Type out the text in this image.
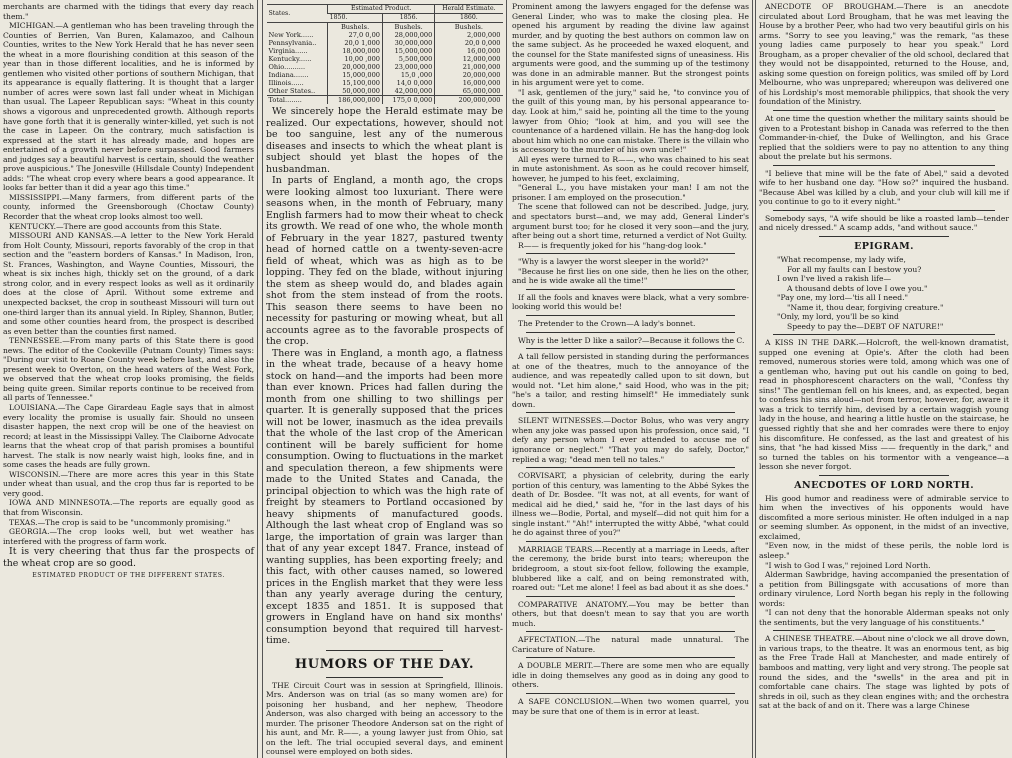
merchants are charmed with the tidings that every day reach them."

MICHIGAN.—A gentleman who has been traveling through the Counties of Berrien, Van Buren, Kalamazoo, and Calhoun Counties, writes to the New York Herald that he has never seen the wheat in a more flourishing condition at this season of the year than in those different localities, and he is informed by gentlemen who visited other portions of southern Michigan, that its appearance is equally flattering. It is thought that a larger number of acres were sown last fall under wheat in Michigan than usual. The Lapeer Republican says: "Wheat in this county shows a vigorous and unprecedented growth. Although reports have gone forth that it is generally winter-killed, yet such is not the case in Lapeer. On the contrary, much satisfaction is expressed at the start it has already made, and hopes are entertained of a growth never before surpassed. Good farmers and judges say a beautiful harvest is certain, should the weather prove auspicious." The Jonesville (Hillsdale County) Independent adds: "The wheat crop every where bears a good appearance. It looks far better than it did a year ago this time."

MISSISSIPPI.—Many farmers, from different parts of the county, informed the Greensborough (Choctaw County) Recorder that the wheat crop looks almost too well.

KENTUCKY.—There are good accounts from this State.

MISSOURI AND KANSAS.—A letter to the New York Herald from Holt County, Missouri, reports favorably of the crop in that section and the "eastern borders of Kansas." In Madison, Iron, St. Frances, Washington, and Wayne Counties, Missouri, the wheat is six inches high, thickly set on the ground, of a dark strong color, and in every respect looks as well as it ordinarily does at the close of April. Without some extreme and unexpected backset, the crop in southeast Missouri will turn out one-third larger than its annual yield. In Ripley, Shannon, Butler, and some other counties heard from, the prospect is described as even better than the counties first named.

TENNESSEE.—From many parts of this State there is good news. The editor of the Cookeville (Putnam County) Times says: "During our visit to Roane County week before last, and also the present week to Overton, on the head waters of the West Fork, we observed that the wheat crop looks promising, the fields being quite green. Similar reports continue to be received from all parts of Tennessee."

LOUISIANA.—The Cape Girardeau Eagle says that in almost every locality the promise is usually fair. Should no unseen disaster happen, the next crop will be one of the heaviest on record; at least in the Mississippi Valley. The Claiborne Advocate learns that the wheat crop of that parish promises a bountiful harvest. The stalk is now nearly waist high, looks fine, and in some cases the heads are fully grown.

WISCONSIN.—There are more acres this year in this State under wheat than usual, and the crop thus far is reported to be very good.

IOWA AND MINNESOTA.—The reports are equally good as that from Wisconsin.

TEXAS.—The crop is said to be "uncommonly promising."

GEORGIA.—The crop looks well, but wet weather has interfered with the progress of farm work.

It is very cheering that thus far the prospects of the wheat crop are so good.

ESTIMATED PRODUCT OF THE DIFFERENT STATES.
States.	Estimated Product.		Herald Estimate.
	1850.	1856.	1860.
	Bushels.	Bushels.	Bushels.
New York......	27,0 0,00	28,000,000	2,000,000
Pennsylvania..	20,0 1,000	30,000,000	20,0 0,000
Virginia......	18,000,000	15,000,000	16,00,000
Kentucky......	10,00 ,000	5,500,000	12,000,000
Ohio..........	20,000,000	23,000,000	21,000,000
Indiana.......	15,000,000	15,0 ,000	20,000,000
Illinois......	15,100,000	14,0 0,000	16,000,000
Other States..	50,000,000	42,000,000	65,000,000
Total........	186,000,000	175,0 0,000	200,000,000

We sincerely hope the Herald estimate may be realized. Our expectations, however, should not be too sanguine, lest any of the numerous diseases and insects to which the wheat plant is subject should yet blast the hopes of the husbandman.

In parts of England, a month ago, the crops were looking almost too luxuriant. There were seasons when, in the month of February, many English farmers had to mow their wheat to check its growth. We read of one who, the whole month of February in the year 1827, pastured twenty head of horned cattle on a twenty-seven-acre field of wheat, which was as high as to be lopping. They fed on the blade, without injuring the stem as sheep would do, and blades again shot from the stem instead of from the roots. This season there seems to have been no necessity for pasturing or mowing wheat, but all accounts agree as to the favorable prospects of the crop.

There was in England, a month ago, a flatness in the wheat trade, because of a heavy home stock on hand—and the imports had been more than ever known. Prices had fallen during the month from one shilling to two shillings per quarter. It is generally supposed that the prices will not be lower, inasmuch as the idea prevails that the whole of the last crop of the American continent will be barely sufficient for home consumption. Owing to fluctuations in the market and speculation thereon, a few shipments were made to the United States and Canada, the principal objection to which was the high rate of freight by steamers to Portland occasioned by heavy shipments of manufactured goods. Although the last wheat crop of England was so large, the importation of grain was larger than that of any year except 1847. France, instead of wanting supplies, has been exporting freely; and this fact, with other causes named, so lowered prices in the English market that they were less than any yearly average during the century, except 1835 and 1851. It is supposed that growers in England have on hand six months' consumption beyond that required till harvest-time.

HUMORS OF THE DAY.

THE Circuit Court was in session at Springfield, Illinois. Mrs. Anderson was on trial (as so many women are) for poisoning her husband, and her nephew, Theodore Anderson, was also charged with being an accessory to the murder. The prisoner Theodore Anderson sat on the right of his aunt, and Mr. R——, a young lawyer just from Ohio, sat on the left. The trial occupied several days, and eminent counsel were employed on both sides.

Prominent among the lawyers engaged for the defense was General Linder, who was to make the closing plea. He opened his argument by reading the divine law against murder, and by quoting the best authors on common law on the same subject. As he proceeded he waxed eloquent, and the counsel for the State manifested signs of uneasiness. His arguments were good, and the summing up of the testimony was done in an admirable manner. But the strongest points in his argument were yet to come.

"I ask, gentlemen of the jury," said he, "to convince you of the guilt of this young man, by his personal appearance to-day. Look at him," said he, pointing all the time to the young lawyer from Ohio; "look at him, and you will see the countenance of a hardened villain. He has the hang-dog look about him which no one can mistake. There is the villain who is accessory to the murder of his own uncle!"

All eyes were turned to R——, who was chained to his seat in mute astonishment. As soon as he could recover himself, however, he jumped to his feet, exclaiming,

"General L., you have mistaken your man! I am not the prisoner. I am employed on the prosecution."

The scene that followed can not be described. Judge, jury, and spectators burst—and, we may add, General Linder's argument burst too; for he closed it very soon—and the jury, after being out a short time, returned a verdict of Not Guilty.

R—— is frequently joked for his "hang-dog look."

"Why is a lawyer the worst sleeper in the world?"

"Because he first lies on one side, then he lies on the other, and he is wide awake all the time!"

If all the fools and knaves were black, what a very sombre-looking world this would be!

The Pretender to the Crown—A lady's bonnet.

Why is the letter D like a sailor?—Because it follows the C.

A tall fellow persisted in standing during the performances at one of the theatres, much to the annoyance of the audience, and was repeatedly called upon to sit down, but would not. "Let him alone," said Hood, who was in the pit; "he's a tailor, and resting himself!" He immediately sunk down.

SILENT WITNESSES.—Doctor Bolus, who was very angry when any joke was passed upon his profession, once said, "I defy any person whom I ever attended to accuse me of ignorance or neglect." "That you may do safely, Doctor," replied a wag; "dead men tell no tales."

CORVISART, a physician of celebrity, during the early portion of this century, was lamenting to the Abbé Sykes the death of Dr. Bosdee. "It was not, at all events, for want of medical aid he died," said he, "for in the last days of his illness we—Bodie, Portal, and myself—did not quit him for a single instant." "Ah!" interrupted the witty Abbé, "what could he do against three of you?"

MARRIAGE TEARS.—Recently at a marriage in Leeds, after the ceremony, the bride burst into tears; whereupon the bridegroom, a stout six-foot fellow, following the example, blubbered like a calf, and on being remonstrated with, roared out: "Let me alone! I feel as bad about it as she does."

COMPARATIVE ANATOMY.—You may be better than others, but that doesn't mean to say that you are worth much.

AFFECTATION.—The natural made unnatural. The Caricature of Nature.

A DOUBLE MERIT.—There are some men who are equally idle in doing themselves any good as in doing any good to others.

A SAFE CONCLUSION.—When two women quarrel, you may be sure that one of them is in error at least.

ANECDOTE OF BROUGHAM.—There is an anecdote circulated about Lord Brougham, that he was met leaving the House by a brother Peer, who had two very beautiful girls on his arms. "Sorry to see you leaving," was the remark, "as these young ladies came purposely to hear you speak." Lord Brougham, as a proper chevalier of the old school, declared that they would not be disappointed, returned to the House, and, asking some question on foreign politics, was smiled off by Lord Melbourne, who was unprepared; whereupon was delivered one of his Lordship's most memorable philippics, that shook the very foundation of the Ministry.

At one time the question whether the military saints should be given to a Protestant bishop in Canada was referred to the then Commander-in-chief, the Duke of Wellington, and his Grace replied that the soldiers were to pay no attention to any thing about the prelate but his sermons.

"I believe that mine will be the fate of Abel," said a devoted wife to her husband one day. "How so?" inquired the husband. "Because Abel was killed by a club, and your club will kill me if you continue to go to it every night."

Somebody says, "A wife should be like a roasted lamb—tender and nicely dressed." A scamp adds, "and without sauce."

EPIGRAM.
"What recompense, my lady wife,
For all my faults can I bestow you?
I own I've lived a rakish life—
A thousand debts of love I owe you."
"Pay one, my lord—'tis all I need."
"Name it, thou dear, forgiving creature."
"Only, my lord, you'll be so kind
Speedy to pay the—DEBT OF NATURE!"

A KISS IN THE DARK.—Holcroft, the well-known dramatist, supped one evening at Opie's. After the cloth had been removed, numerous stories were told, among which was one of a gentleman who, having put out his candle on going to bed, read in phosphorescent characters on the wall, "Confess thy sins!" The gentleman fell on his knees, and, as expected, began to confess his sins aloud—not from terror, however, for, aware it was a trick to terrify him, devised by a certain waggish young lady in the house, and hearing a little hustle on the staircase, he guessed rightly that she and her comrades were there to enjoy his discomfiture. He confessed, as the last and greatest of his sins, that "he had kissed Miss —— frequently in the dark," and so turned the tables on his tormentor with a vengeance—a lesson she never forgot.

ANECDOTES OF LORD NORTH.

His good humor and readiness were of admirable service to him when the invectives of his opponents would have discomfited a more serious minister. He often indulged in a nap or seeming slumber. As opponent, in the midst of an invective, exclaimed,

"Even now, in the midst of these perils, the noble lord is asleep."

"I wish to God I was," rejoined Lord North.

Alderman Sawbridge, having accompanied the presentation of a petition from Billingsgate with accusations of more than ordinary virulence, Lord North began his reply in the following words:

"I can not deny that the honorable Alderman speaks not only the sentiments, but the very language of his constituents."

A CHINESE THEATRE.—About nine o'clock we all drove down, in various traps, to the theatre. It was an enormous tent, as big as the Free Trade Hall at Manchester, and made entirely of bamboos and matting, very light and very strong. The people sat round the sides, and the "swells" in the area and pit in comfortable cane chairs. The stage was lighted by pots of shreds in oil, such as they clean engines with; and the orchestra sat at the back of and on it. There was a large Chinese
